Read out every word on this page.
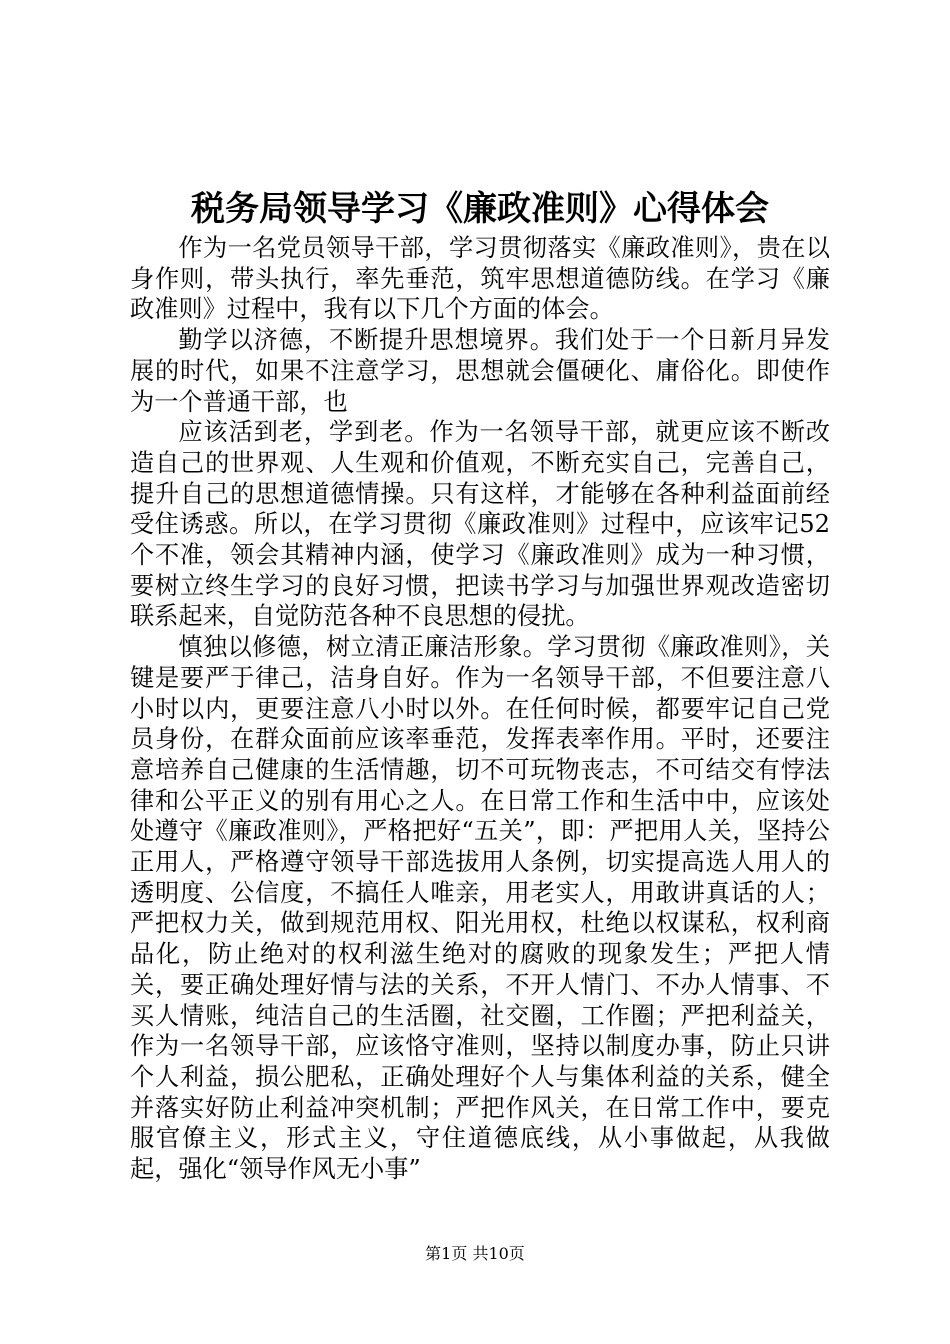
税务局领导学习《廉政准则》心得体会

作为一名党员领导干部，学习贯彻落实《廉政准则》，贵在以身作则，带头执行，率先垂范，筑牢思想道德防线。在学习《廉政准则》过程中，我有以下几个方面的体会。

勤学以济德，不断提升思想境界。我们处于一个日新月异发展的时代，如果不注意学习，思想就会僵硬化、庸俗化。即使作为一个普通干部，也

应该活到老，学到老。作为一名领导干部，就更应该不断改造自己的世界观、人生观和价值观，不断充实自己，完善自己，提升自己的思想道德情操。只有这样，才能够在各种利益面前经受住诱惑。所以，在学习贯彻《廉政准则》过程中，应该牢记52个不准，领会其精神内涵，使学习《廉政准则》成为一种习惯，要树立终生学习的良好习惯，把读书学习与加强世界观改造密切联系起来，自觉防范各种不良思想的侵扰。

慎独以修德，树立清正廉洁形象。学习贯彻《廉政准则》，关键是要严于律己，洁身自好。作为一名领导干部，不但要注意八小时以内，更要注意八小时以外。在任何时候，都要牢记自己党员身份，在群众面前应该率垂范，发挥表率作用。平时，还要注意培养自己健康的生活情趣，切不可玩物丧志，不可结交有悖法律和公平正义的别有用心之人。在日常工作和生活中中，应该处处遵守《廉政准则》，严格把好“五关”，即：严把用人关，坚持公正用人，严格遵守领导干部选拔用人条例，切实提高选人用人的透明度、公信度，不搞任人唯亲，用老实人，用敢讲真话的人；严把权力关，做到规范用权、阳光用权，杜绝以权谋私，权利商品化，防止绝对的权利滋生绝对的腐败的现象发生；严把人情关，要正确处理好情与法的关系，不开人情门、不办人情事、不买人情账，纯洁自己的生活圈，社交圈，工作圈；严把利益关，作为一名领导干部，应该恪守准则，坚持以制度办事，防止只讲个人利益，损公肥私，正确处理好个人与集体利益的关系，健全并落实好防止利益冲突机制；严把作风关，在日常工作中，要克服官僚主义，形式主义，守住道德底线，从小事做起，从我做起，强化“领导作风无小事”

第1页 共10页
